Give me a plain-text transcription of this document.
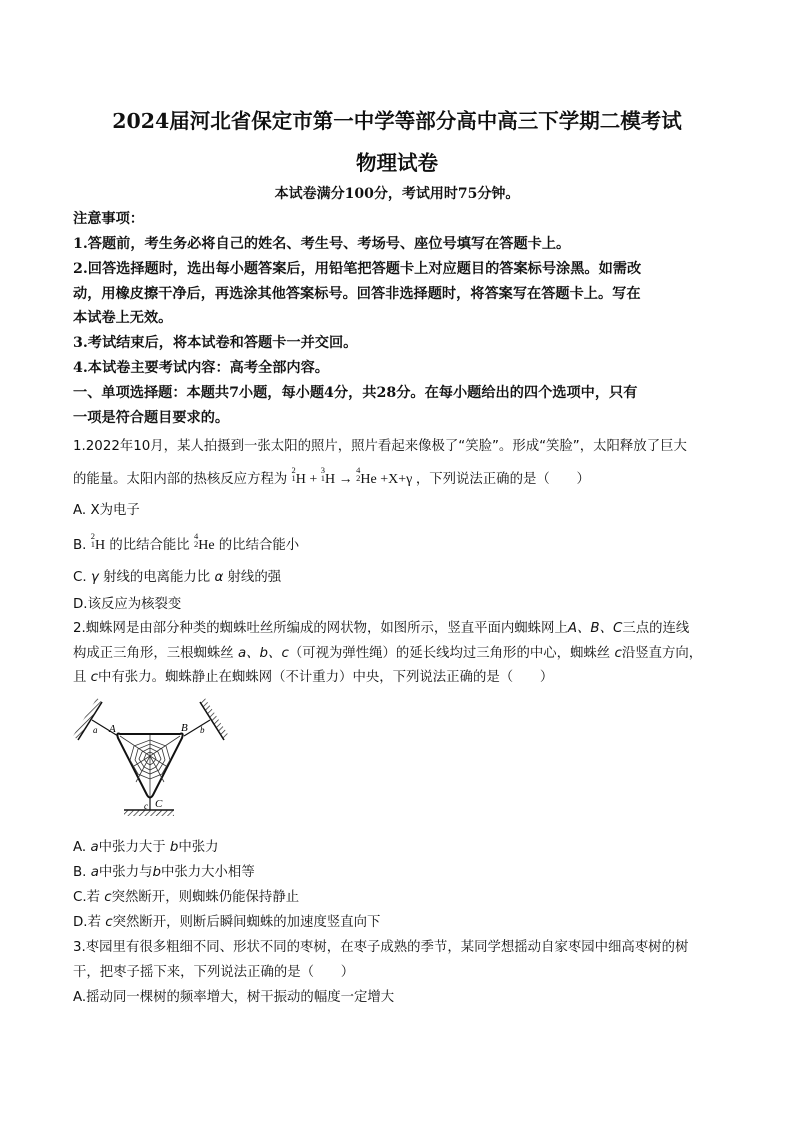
2024届河北省保定市第一中学等部分高中高三下学期二模考试
物理试卷
本试卷满分100分，考试用时75分钟。
注意事项：
1.答题前，考生务必将自己的姓名、考生号、考场号、座位号填写在答题卡上。
2.回答选择题时，选出每小题答案后，用铅笔把答题卡上对应题目的答案标号涂黑。如需改
动，用橡皮擦干净后，再选涂其他答案标号。回答非选择题时，将答案写在答题卡上。写在
本试卷上无效。
3.考试结束后，将本试卷和答题卡一并交回。
4.本试卷主要考试内容：高考全部内容。
一、单项选择题：本题共7小题，每小题4分，共28分。在每小题给出的四个选项中，只有
一项是符合题目要求的。
1.2022年10月，某人拍摄到一张太阳的照片，照片看起来像极了“笑脸”。形成“笑脸”，太阳释放了巨大
的能量。太阳内部的热核反应方程为 2
1H + 3
1H → 4
2He +X+γ ，下列说法正确的是（　　）
A. X为电子
B. 2
1H 的比结合能比 4
2He 的比结合能小
C. γ 射线的电离能力比 α 射线的强
D.该反应为核裂变
2.蜘蛛网是由部分种类的蜘蛛吐丝所编成的网状物，如图所示，竖直平面内蜘蛛网上A、B、C三点的连线
构成正三角形，三根蜘蛛丝 a、b、c（可视为弹性绳）的延长线均过三角形的中心，蜘蛛丝 c沿竖直方向，
且 c中有张力。蜘蛛静止在蜘蛛网（不计重力）中央，下列说法正确的是（　　）
A	B
C
a	b
c
A. a中张力大于 b中张力
B. a中张力与b中张力大小相等
C.若 c突然断开，则蜘蛛仍能保持静止
D.若 c突然断开，则断后瞬间蜘蛛的加速度竖直向下
3.枣园里有很多粗细不同、形状不同的枣树，在枣子成熟的季节，某同学想摇动自家枣园中细高枣树的树
干，把枣子摇下来，下列说法正确的是（　　）
A.摇动同一棵树的频率增大，树干振动的幅度一定增大
